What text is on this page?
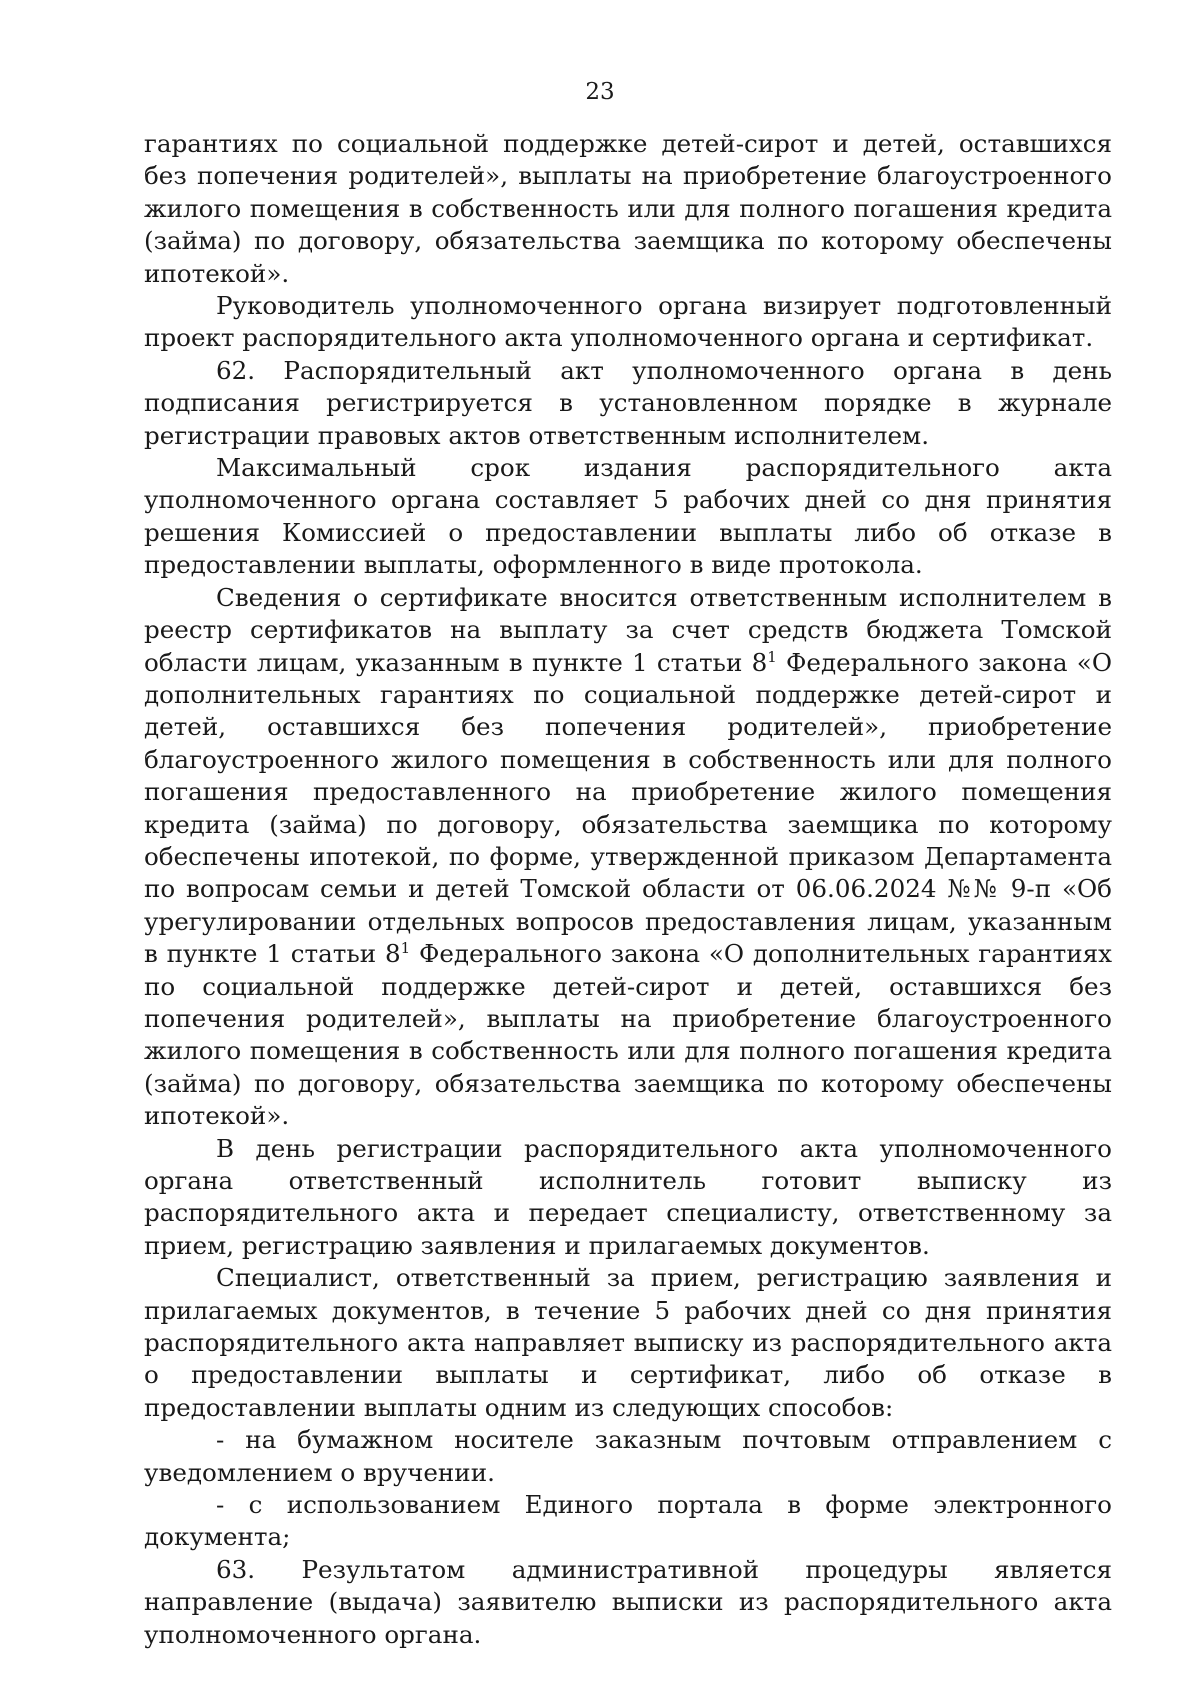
23

гарантиях по социальной поддержке детей-сирот и детей, оставшихся без попечения родителей», выплаты на приобретение благоустроенного жилого помещения в собственность или для полного погашения кредита (займа) по договору, обязательства заемщика по которому обеспечены ипотекой».

Руководитель уполномоченного органа визирует подготовленный проект распорядительного акта уполномоченного органа и сертификат.

62. Распорядительный акт уполномоченного органа в день подписания регистрируется в установленном порядке в журнале регистрации правовых актов ответственным исполнителем.

Максимальный срок издания распорядительного акта уполномоченного органа составляет 5 рабочих дней со дня принятия решения Комиссией о предоставлении выплаты либо об отказе в предоставлении выплаты, оформленного в виде протокола.

Сведения о сертификате вносится ответственным исполнителем в реестр сертификатов на выплату за счет средств бюджета Томской области лицам, указанным в пункте 1 статьи $8^1$ Федерального закона «О дополнительных гарантиях по социальной поддержке детей-сирот и детей, оставшихся без попечения родителей», приобретение благоустроенного жилого помещения в собственность или для полного погашения предоставленного на приобретение жилого помещения кредита (займа) по договору, обязательства заемщика по которому обеспечены ипотекой, по форме, утвержденной приказом Департамента по вопросам семьи и детей Томской области от 06.06.2024 №№ 9-п «Об урегулировании отдельных вопросов предоставления лицам, указанным в пункте 1 статьи $8^1$ Федерального закона «О дополнительных гарантиях по социальной поддержке детей-сирот и детей, оставшихся без попечения родителей», выплаты на приобретение благоустроенного жилого помещения в собственность или для полного погашения кредита (займа) по договору, обязательства заемщика по которому обеспечены ипотекой».

В день регистрации распорядительного акта уполномоченного органа ответственный исполнитель готовит выписку из распорядительного акта и передает специалисту, ответственному за прием, регистрацию заявления и прилагаемых документов.

Специалист, ответственный за прием, регистрацию заявления и прилагаемых документов, в течение 5 рабочих дней со дня принятия распорядительного акта направляет выписку из распорядительного акта о предоставлении выплаты и сертификат, либо об отказе в предоставлении выплаты одним из следующих способов:

- на бумажном носителе заказным почтовым отправлением с уведомлением о вручении.

- с использованием Единого портала в форме электронного документа;

63. Результатом административной процедуры является направление (выдача) заявителю выписки из распорядительного акта уполномоченного органа.
